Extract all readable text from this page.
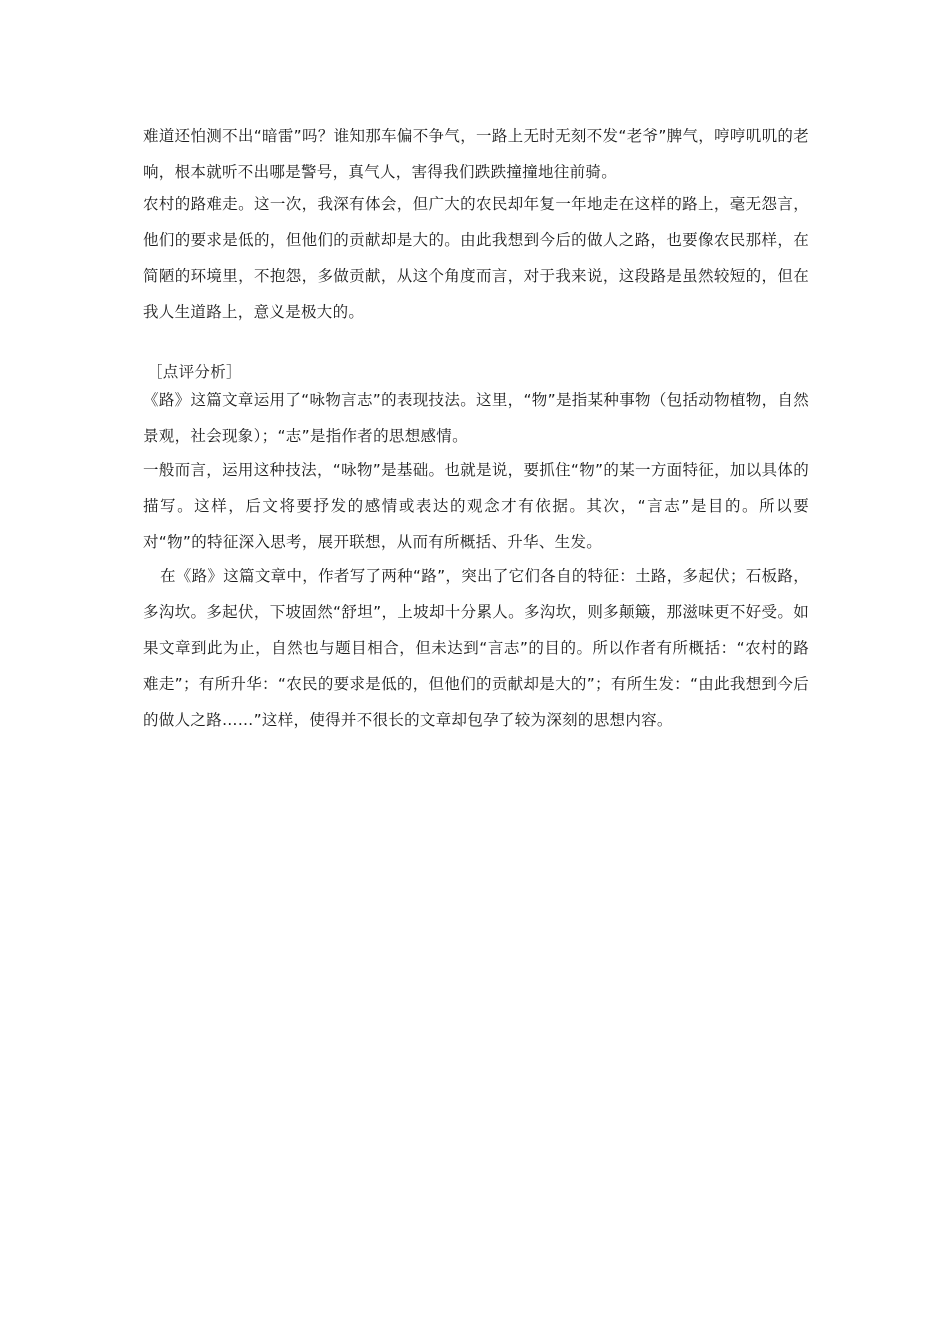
难道还怕测不出“暗雷”吗？谁知那车偏不争气，一路上无时无刻不发“老爷”脾气，哼哼叽叽的老响，根本就听不出哪是警号，真气人，害得我们跌跌撞撞地往前骑。

农村的路难走。这一次，我深有体会，但广大的农民却年复一年地走在这样的路上，毫无怨言，他们的要求是低的，但他们的贡献却是大的。由此我想到今后的做人之路，也要像农民那样，在简陋的环境里，不抱怨，多做贡献，从这个角度而言，对于我来说，这段路是虽然较短的，但在我人生道路上，意义是极大的。

［点评分析］

《路》这篇文章运用了“咏物言志”的表现技法。这里，“物”是指某种事物（包括动物植物，自然景观，社会现象）；“志”是指作者的思想感情。

一般而言，运用这种技法，“咏物”是基础。也就是说，要抓住“物”的某一方面特征，加以具体的描写。这样，后文将要抒发的感情或表达的观念才有依据。其次，“言志”是目的。所以要对“物”的特征深入思考，展开联想，从而有所概括、升华、生发。

在《路》这篇文章中，作者写了两种“路”，突出了它们各自的特征：土路，多起伏；石板路，多沟坎。多起伏，下坡固然“舒坦”，上坡却十分累人。多沟坎，则多颠簸，那滋味更不好受。如果文章到此为止，自然也与题目相合，但未达到“言志”的目的。所以作者有所概括：“农村的路难走”；有所升华：“农民的要求是低的，但他们的贡献却是大的”；有所生发：“由此我想到今后的做人之路……”这样，使得并不很长的文章却包孕了较为深刻的思想内容。
